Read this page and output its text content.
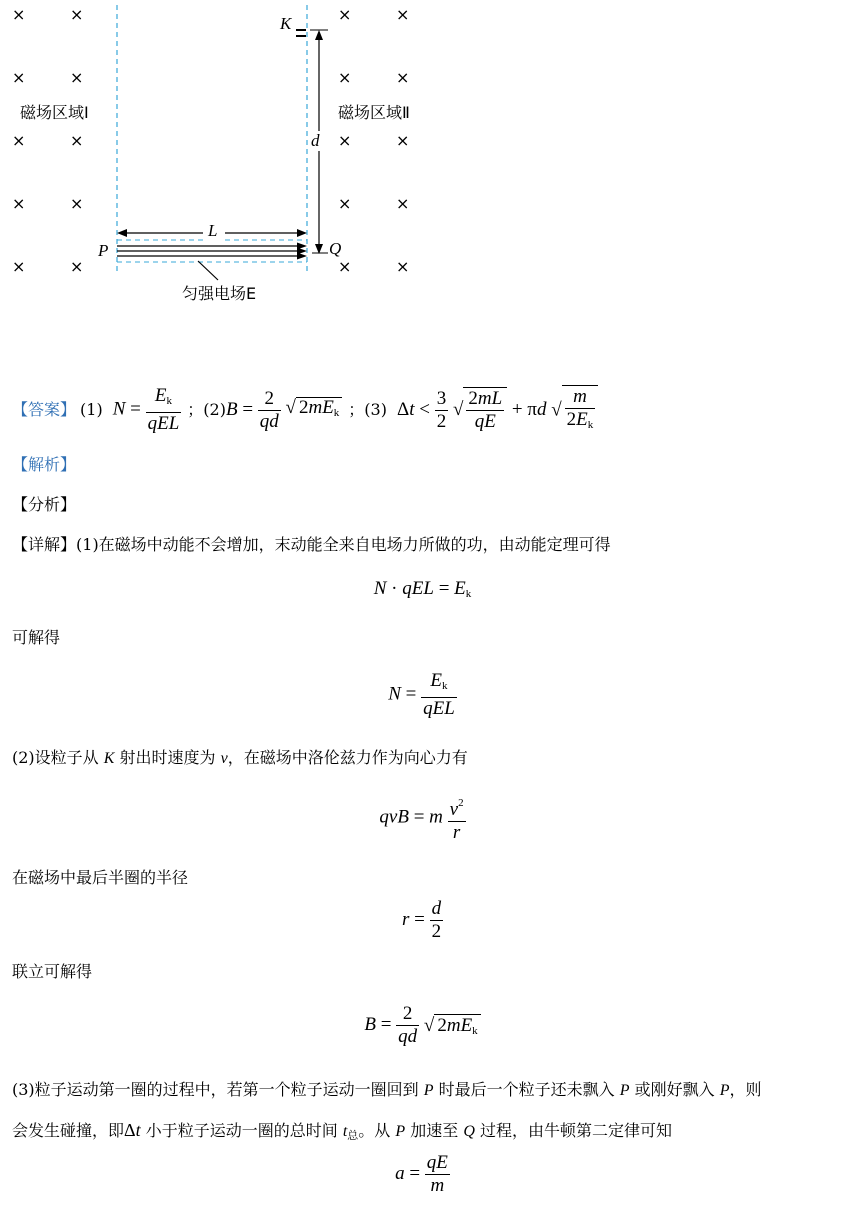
×	×	×	×
×	×	×	×
×	×	×	×
×	×	×	×
×	×	×	×
磁场区域Ⅰ	磁场区域Ⅱ
K
d
L
P	Q
匀强电场E
【答案】 (1) $N = \frac{E_k}{\text{qEL}}$ ；(2) $B = \frac{2}{qd}$ √ $2mE_k$ ；(3) $\Delta t < \frac{3}{2}$ √ $\frac{2mL}{qE} + \pi d$ √ $\frac{m}{2E_k}$
【解析】
【分析】
【详解】(1)在磁场中动能不会增加，末动能全来自电场力所做的功，由动能定理可得
N · qEL = $E_k$
可解得
$N = \frac{E_k}{\text{qEL}}$
(2)设粒子从 K 射出时速度为 v，在磁场中洛伦兹力作为向心力有
qvB = m $\frac{v^2}{r}$
在磁场中最后半圈的半径
$r = \frac{d}{2}$
联立可解得
$B = \frac{2}{qd}$ √ $2mE_k$
(3)粒子运动第一圈的过程中，若第一个粒子运动一圈回到 P 时最后一个粒子还未飘入 P 或刚好飘入 P，则
会发生碰撞，即Δt 小于粒子运动一圈的总时间 $t_总$。从 P 加速至 Q 过程，由牛顿第二定律可知
$a = \frac{qE}{m}$
